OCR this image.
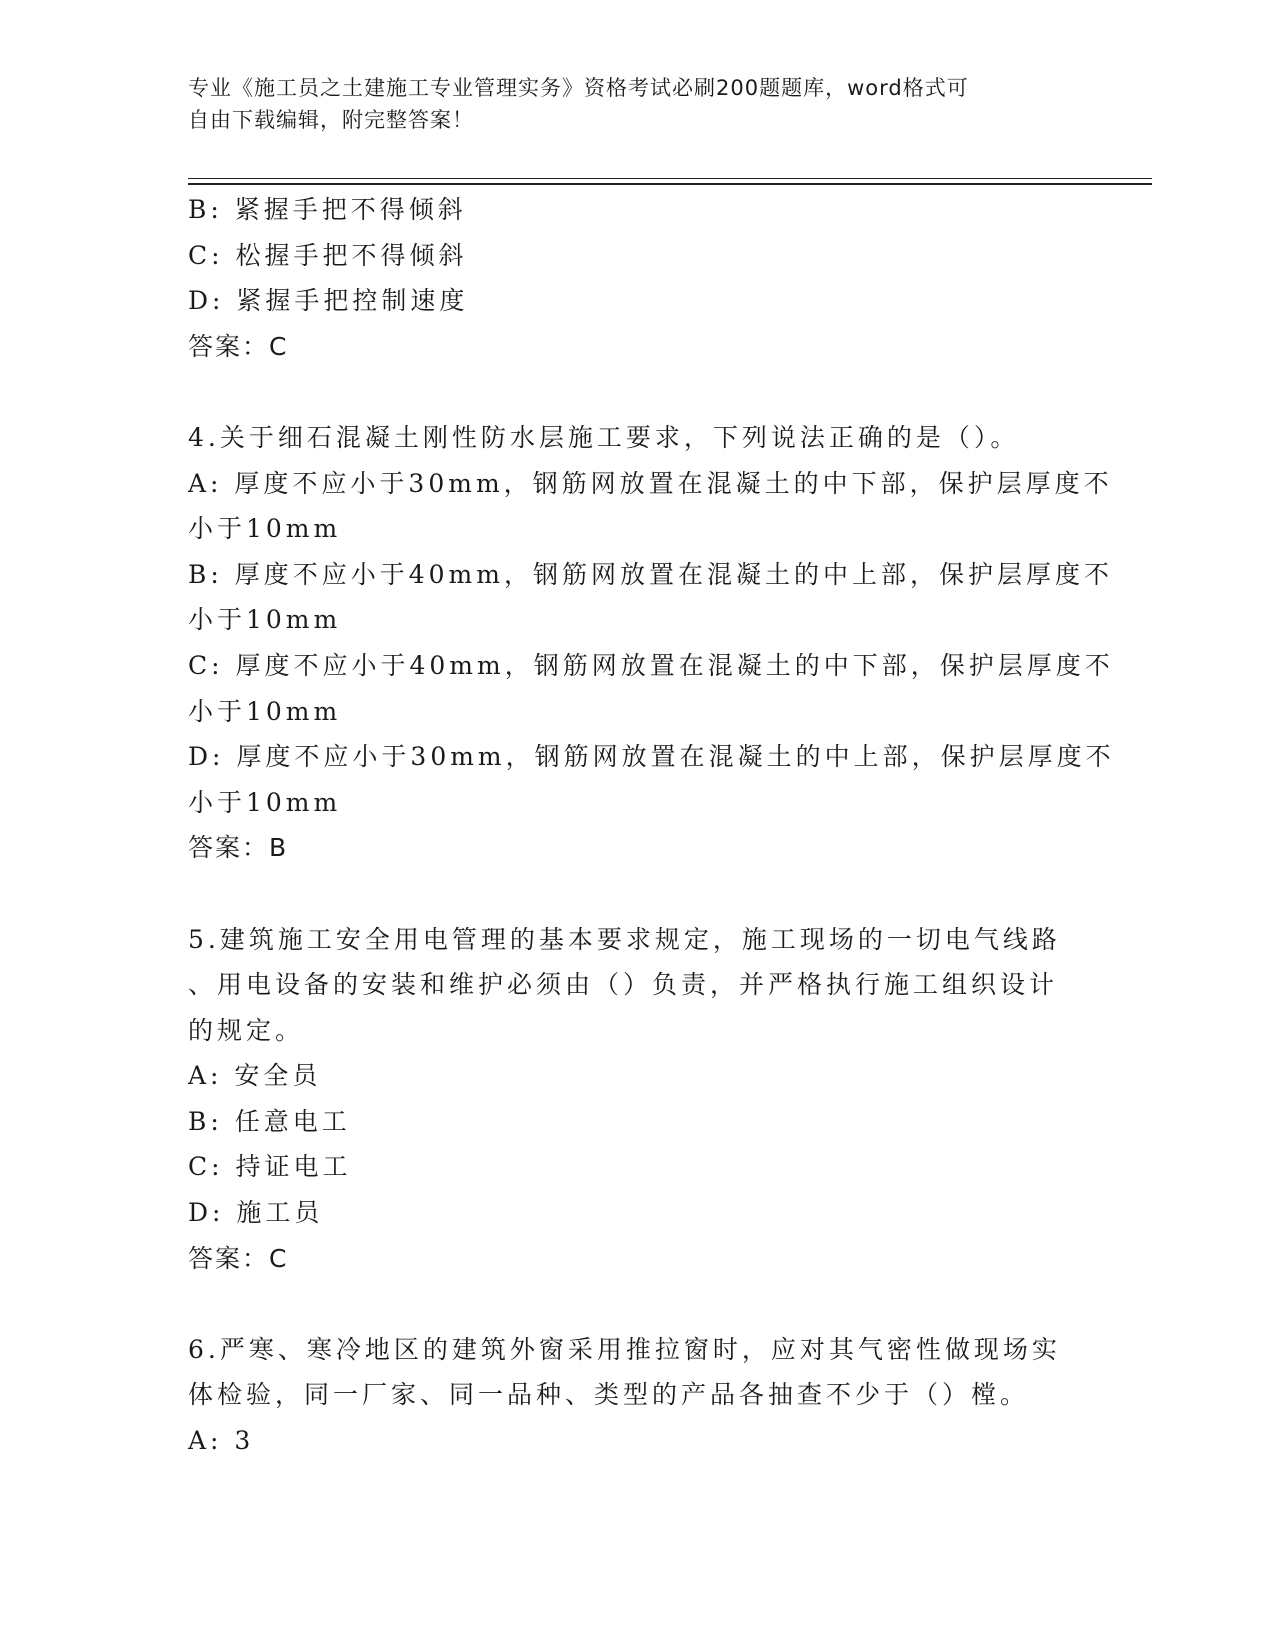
专业《施工员之土建施工专业管理实务》资格考试必刷200题题库，word格式可
自由下载编辑，附完整答案！
B: 紧握手把不得倾斜
C: 松握手把不得倾斜
D: 紧握手把控制速度
答案：C
4.关于细石混凝土刚性防水层施工要求，下列说法正确的是（）。
A: 厚度不应小于30mm，钢筋网放置在混凝土的中下部，保护层厚度不
小于10mm
B: 厚度不应小于40mm，钢筋网放置在混凝土的中上部，保护层厚度不
小于10mm
C: 厚度不应小于40mm，钢筋网放置在混凝土的中下部，保护层厚度不
小于10mm
D: 厚度不应小于30mm，钢筋网放置在混凝土的中上部，保护层厚度不
小于10mm
答案：B
5.建筑施工安全用电管理的基本要求规定，施工现场的一切电气线路
、用电设备的安装和维护必须由（）负责，并严格执行施工组织设计
的规定。
A: 安全员
B: 任意电工
C: 持证电工
D: 施工员
答案：C
6.严寒、寒冷地区的建筑外窗采用推拉窗时，应对其气密性做现场实
体检验，同一厂家、同一品种、类型的产品各抽查不少于（）樘。
A: 3
